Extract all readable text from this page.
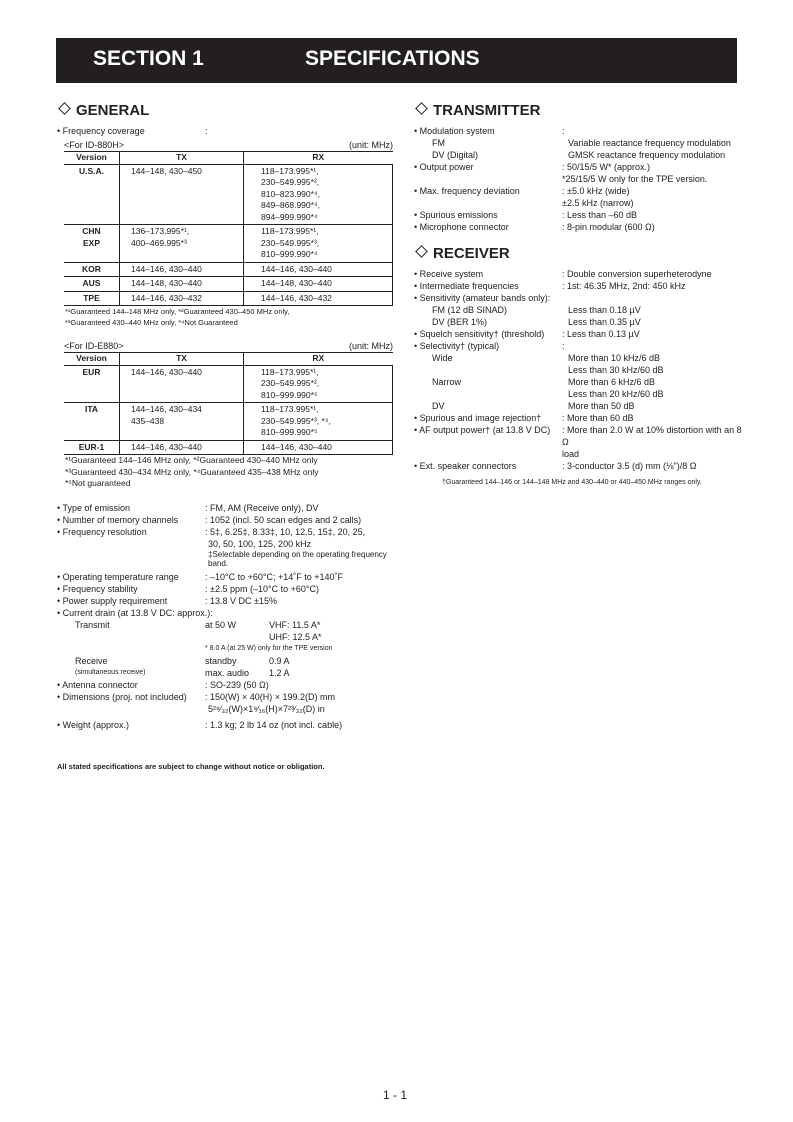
SECTION 1	SPECIFICATIONS
GENERAL
• Frequency coverage	:
<For ID-880H>	(unit: MHz)
Version	TX	RX
U.S.A.	144–148, 430–450	118–173.995*¹,
230–549.995*²,
810–823.990*⁴,
849–868.990*⁴,
894–999.990*⁴
CHN
EXP	136–173.995*¹,
400–469.995*³	118–173.995*¹,
230–549.995*³,
810–999.990*⁴
KOR	144–146, 430–440	144–146, 430–440
AUS	144–148, 430–440	144–148, 430–440
TPE	144–146, 430–432	144–146, 430–432
*¹Guaranteed 144–148 MHz only, *²Guaranteed 430–450 MHz only,
*³Guaranteed 430–440 MHz only, *⁴Not Guaranteed
<For ID-E880>	(unit: MHz)
Version	TX	RX
EUR	144–146, 430–440	118–173.995*¹,
230–549.995*²,
810–999.990*⁵
ITA	144–146, 430–434
435–438	118–173.995*¹,
230–549.995*³, *⁴,
810–999.990*⁵
EUR-1	144–146, 430–440	144–146, 430–440
*¹Guaranteed 144–146 MHz only, *²Guaranteed 430–440 MHz only
*³Guaranteed 430–434 MHz only, *⁴Guaranteed 435–438 MHz only
*⁵Not guaranteed
• Type of emission	: FM, AM (Receive only), DV
• Number of memory channels	: 1052 (incl. 50 scan edges and 2 calls)
• Frequency resolution	: 5‡, 6.25‡, 8.33‡, 10, 12.5, 15‡, 20, 25,
30, 50, 100, 125, 200 kHz
‡Selectable depending on the operating frequency band.
• Operating temperature range	: –10°C to +60°C; +14˚F to +140˚F
• Frequency stability	: ±2.5 ppm (–10°C to +60°C)
• Power supply requirement	: 13.8 V DC ±15%
• Current drain (at 13.8 V DC: approx.):
Transmit	at 50 W	VHF: 11.5 A*
UHF: 12.5 A*
* 8.0 A (at 25 W) only for the TPE version
Receive	standby	0.9 A
(simultaneous receive)	max. audio	1.2 A
• Antenna connector	: SO-239 (50 Ω)
• Dimensions (proj. not included)	: 150(W) × 40(H) × 199.2(D) mm
5²⁹⁄₃₂(W)×1⁹⁄₁₆(H)×7²³⁄₃₂(D) in
• Weight (approx.)	: 1.3 kg; 2 lb 14 oz (not incl. cable)
TRANSMITTER
• Modulation system	:
FM	Variable reactance frequency modulation
DV (Digital)	GMSK reactance frequency modulation
• Output power	: 50/15/5 W* (approx.)
*25/15/5 W only for the TPE version.
• Max. frequency deviation	: ±5.0 kHz (wide)
±2.5 kHz (narrow)
• Spurious emissions	: Less than –60 dB
• Microphone connector	: 8-pin modular (600 Ω)
RECEIVER
• Receive system	: Double conversion superheterodyne
• Intermediate frequencies	: 1st: 46.35 MHz, 2nd: 450 kHz
• Sensitivity (amateur bands only):
FM (12 dB SINAD)	Less than 0.18 µV
DV (BER 1%)	Less than 0.35 µV
• Squelch sensitivity† (threshold)	: Less than 0.13 µV
• Selectivity† (typical)	:
Wide	More than 10 kHz/6 dB
Less than 30 kHz/60 dB
Narrow	More than 6 kHz/6 dB
Less than 20 kHz/60 dB
DV	More than 50 dB
• Spurious and image rejection†	: More than 60 dB
• AF output power† (at 13.8 V DC)	: More than 2.0 W at 10% distortion with an 8 Ω
load
• Ext. speaker connectors	: 3-conductor 3.5 (d) mm (⅛")/8 Ω
†Guaranteed 144–146 or 144–148 MHz and 430–440 or 440–450 MHz ranges only.
All stated specifications are subject to change without notice or obligation.
1 - 1
